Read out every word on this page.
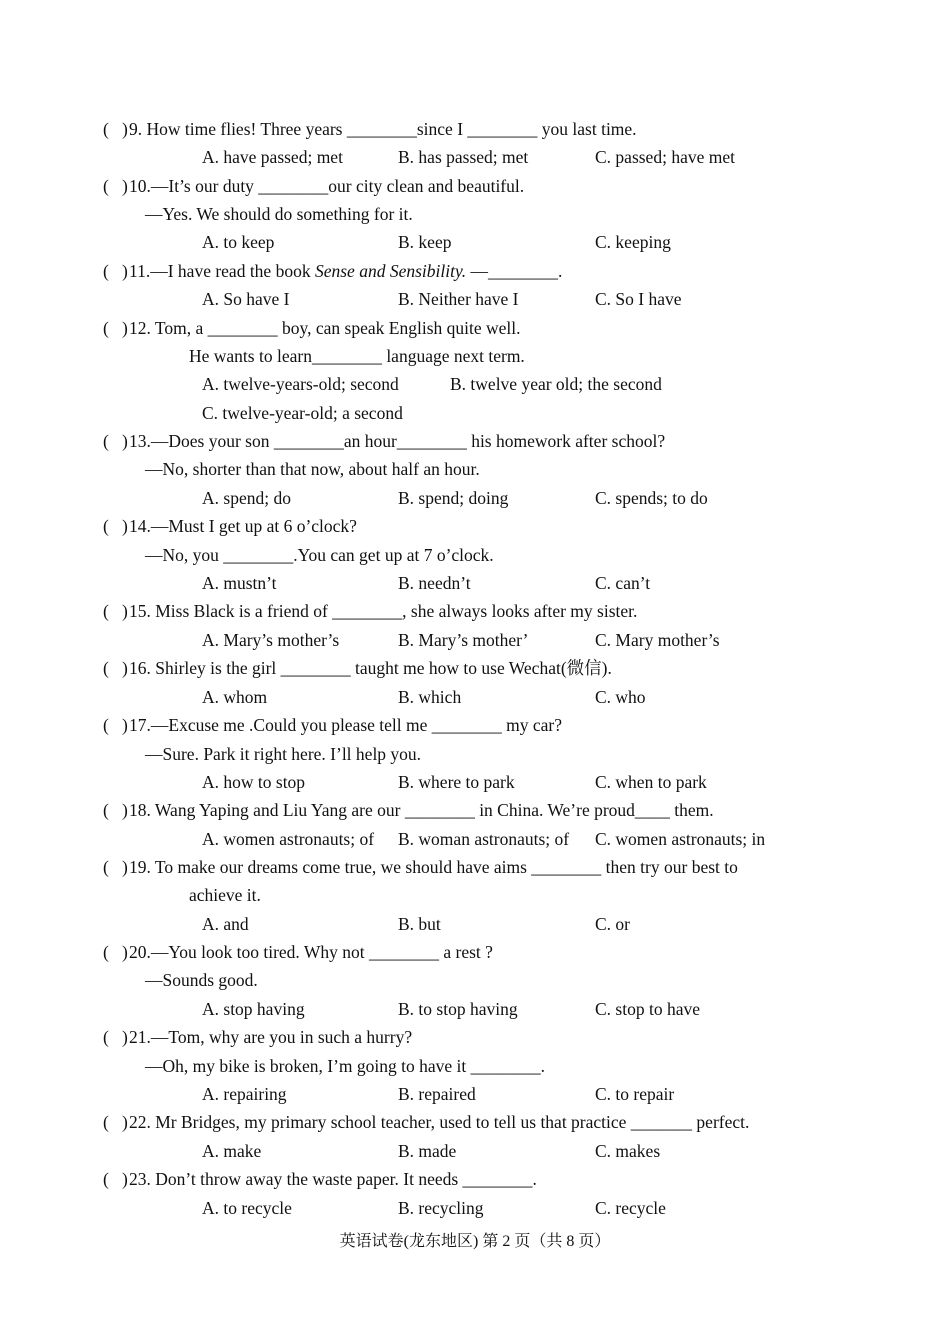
(   ) 9. How time flies! Three years ________since I ________ you last time.
A. have passed; met	B. has passed; met	C. passed; have met
(   ) 10.—It’s our duty ________our city clean and beautiful.
—Yes. We should do something for it.
A. to keep	B. keep	C. keeping
(   ) 11.—I have read the book Sense and Sensibility. —________.
A. So have I	B. Neither have I	C. So I have
(   ) 12. Tom, a ________ boy, can speak English quite well.
He wants to learn________ language next term.
A. twelve-years-old; second	B. twelve year old; the second
C. twelve-year-old; a second
(   ) 13.—Does your son ________an hour________ his homework after school?
—No, shorter than that now, about half an hour.
A. spend; do	B. spend; doing	C. spends; to do
(   ) 14.—Must I get up at 6 o’clock?
—No, you ________.You can get up at 7 o’clock.
A. mustn’t	B. needn’t	C. can’t
(   ) 15. Miss Black is a friend of ________, she always looks after my sister.
A. Mary’s mother’s	B. Mary’s mother’	C. Mary mother’s
(   ) 16. Shirley is the girl ________ taught me how to use Wechat(微信).
A. whom	B. which	C. who
(   ) 17.—Excuse me .Could you please tell me ________ my car?
—Sure. Park it right here. I’ll help you.
A. how to stop	B. where to park	C. when to park
(   ) 18. Wang Yaping and Liu Yang are our ________ in China. We’re proud____ them.
A. women astronauts; of B. woman astronauts; of C. women astronauts; in
(   ) 19. To make our dreams come true, we should have aims ________ then try our best to
achieve it.
A. and	B. but	C. or
(   ) 20.—You look too tired. Why not ________ a rest ?
—Sounds good.
A. stop having	B. to stop having	C. stop to have
(   ) 21.—Tom, why are you in such a hurry?
—Oh, my bike is broken, I’m going to have it ________.
A. repairing	B. repaired	C. to repair
(   ) 22. Mr Bridges, my primary school teacher, used to tell us that practice _______ perfect.
A. make	B. made	C. makes
(   ) 23. Don’t throw away the waste paper. It needs ________.
A. to recycle	B. recycling	C. recycle
英语试卷(龙东地区) 第 2 页（共 8 页）
